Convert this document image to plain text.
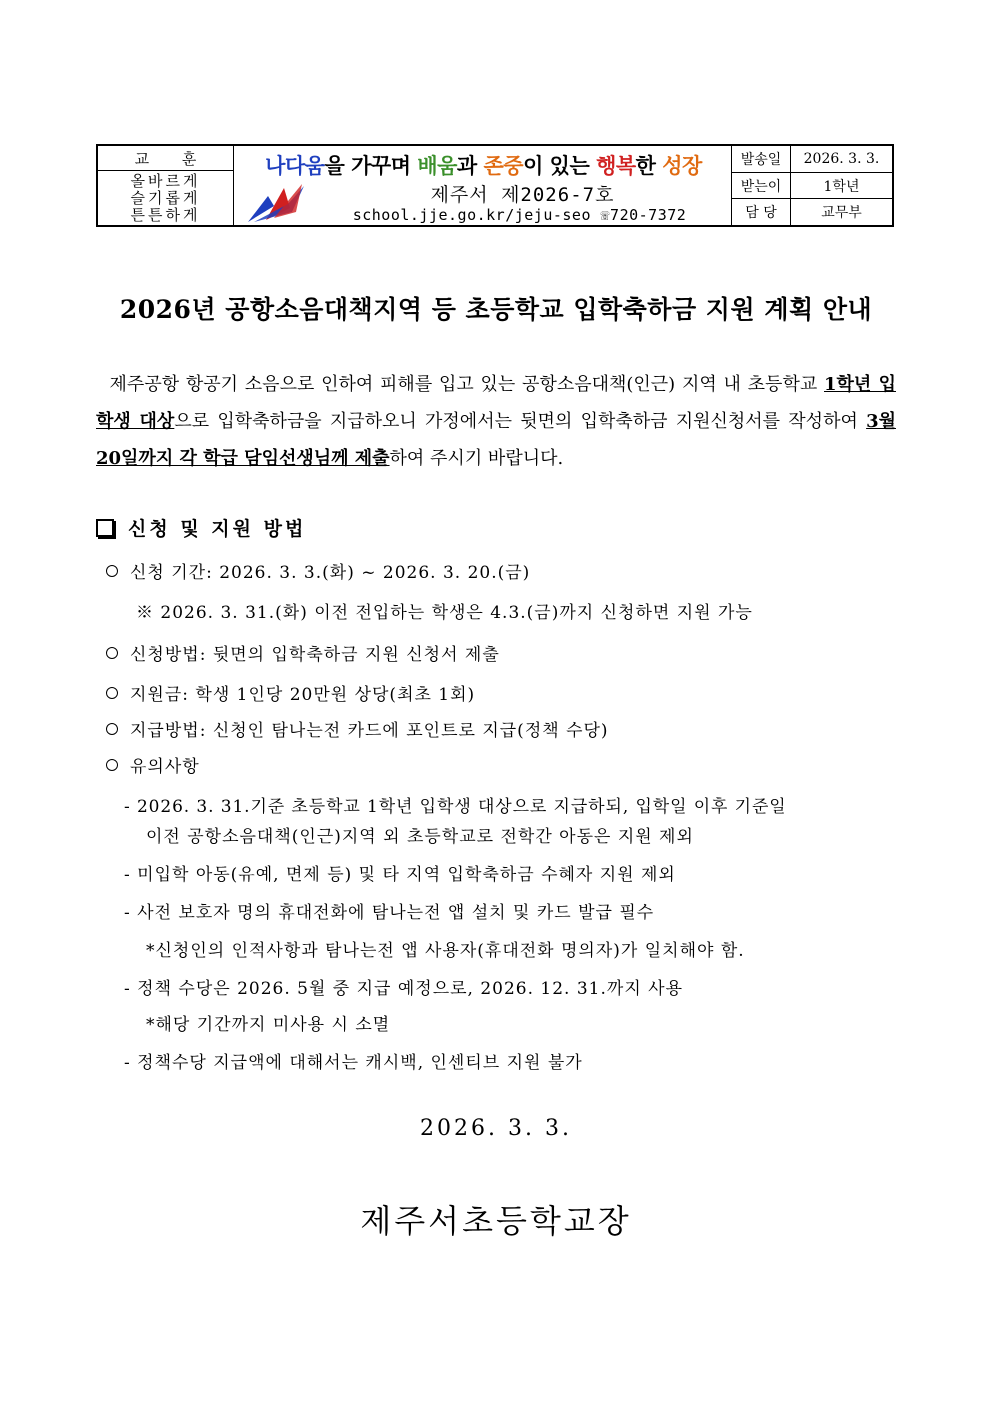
교 훈
올바르게
슬기롭게
튼튼하게
나다움을 가꾸며 배움과 존중이 있는 행복한 성장
제주서 제2026-7호
school.jje.go.kr/jeju-seo ☏720-7372
발송일	2026. 3. 3.
받는이	1학년
담 당	교무부
2026년 공항소음대책지역 등 초등학교 입학축하금 지원 계획 안내
제주공항 항공기 소음으로 인하여 피해를 입고 있는 공항소음대책(인근) 지역 내 초등학교 1학년 입학생 대상으로 입학축하금을 지급하오니 가정에서는 뒷면의 입학축하금 지원신청서를 작성하여 3월 20일까지 각 학급 담임선생님께 제출하여 주시기 바랍니다.
신청 및 지원 방법
신청 기간: 2026. 3. 3.(화) ~ 2026. 3. 20.(금)
※ 2026. 3. 31.(화) 이전 전입하는 학생은 4.3.(금)까지 신청하면 지원 가능
신청방법: 뒷면의 입학축하금 지원 신청서 제출
지원금: 학생 1인당 20만원 상당(최초 1회)
지급방법: 신청인 탐나는전 카드에 포인트로 지급(정책 수당)
유의사항
- 2026. 3. 31.기준 초등학교 1학년 입학생 대상으로 지급하되, 입학일 이후 기준일
이전 공항소음대책(인근)지역 외 초등학교로 전학간 아동은 지원 제외
- 미입학 아동(유예, 면제 등) 및 타 지역 입학축하금 수혜자 지원 제외
- 사전 보호자 명의 휴대전화에 탐나는전 앱 설치 및 카드 발급 필수
*신청인의 인적사항과 탐나는전 앱 사용자(휴대전화 명의자)가 일치해야 함.
- 정책 수당은 2026. 5월 중 지급 예정으로, 2026. 12. 31.까지 사용
*해당 기간까지 미사용 시 소멸
- 정책수당 지급액에 대해서는 캐시백, 인센티브 지원 불가
2026. 3. 3.
제주서초등학교장
